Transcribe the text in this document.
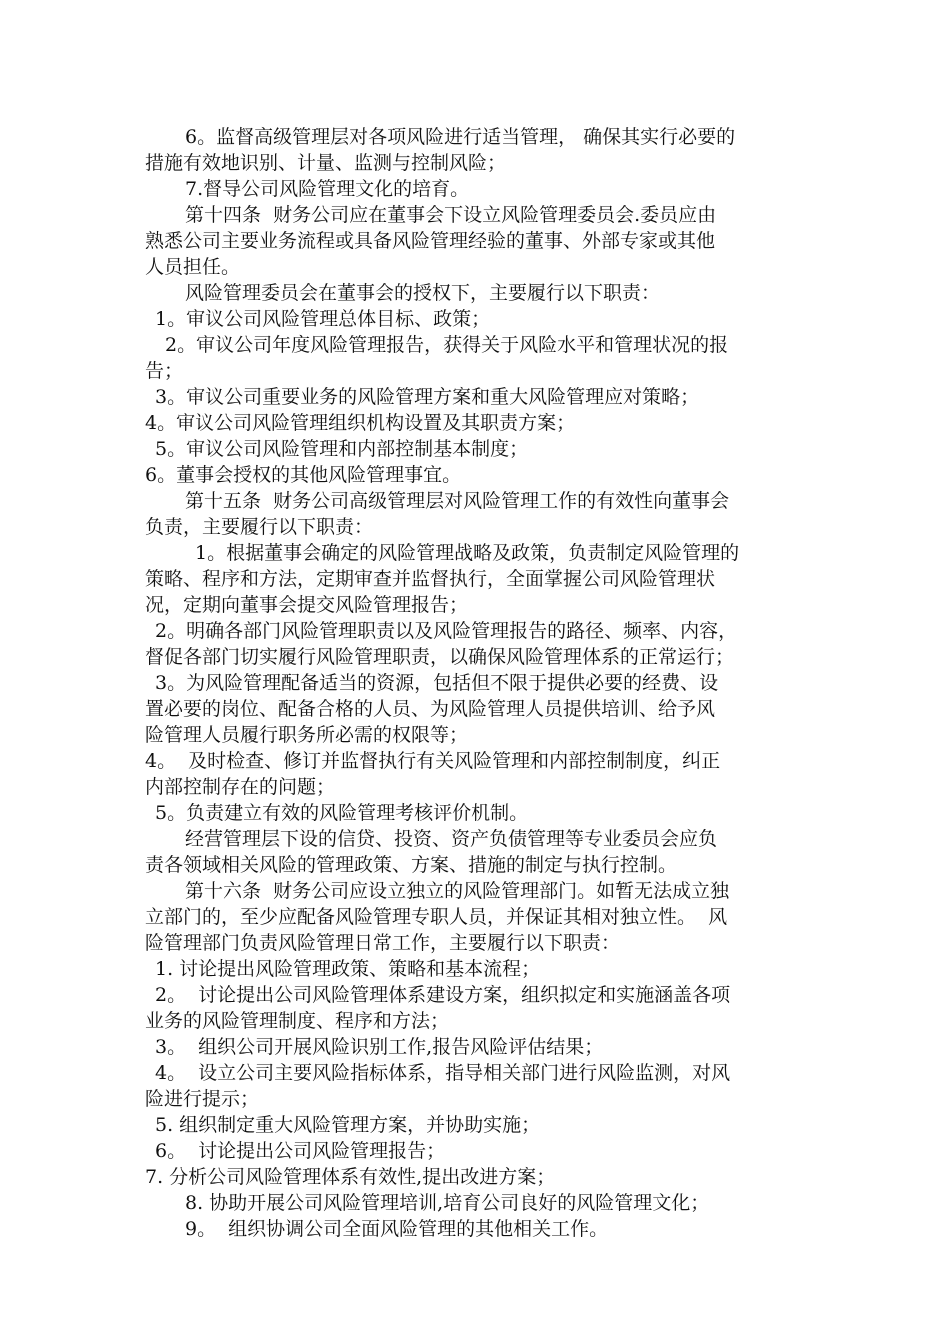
6。监督高级管理层对各项风险进行适当管理， 确保其实行必要的
措施有效地识别、计量、监测与控制风险；
7.督导公司风险管理文化的培育。
第十四条  财务公司应在董事会下设立风险管理委员会.委员应由
熟悉公司主要业务流程或具备风险管理经验的董事、外部专家或其他
人员担任。
风险管理委员会在董事会的授权下，主要履行以下职责：
1。审议公司风险管理总体目标、政策；
2。审议公司年度风险管理报告，获得关于风险水平和管理状况的报
告；
3。审议公司重要业务的风险管理方案和重大风险管理应对策略；
4。审议公司风险管理组织机构设置及其职责方案；
5。审议公司风险管理和内部控制基本制度；
6。董事会授权的其他风险管理事宜。
第十五条  财务公司高级管理层对风险管理工作的有效性向董事会
负责，主要履行以下职责：
1。根据董事会确定的风险管理战略及政策，负责制定风险管理的
策略、程序和方法，定期审查并监督执行，全面掌握公司风险管理状
况，定期向董事会提交风险管理报告；
2。明确各部门风险管理职责以及风险管理报告的路径、频率、内容，
督促各部门切实履行风险管理职责，以确保风险管理体系的正常运行；
3。为风险管理配备适当的资源，包括但不限于提供必要的经费、设
置必要的岗位、配备合格的人员、为风险管理人员提供培训、给予风
险管理人员履行职务所必需的权限等；
4。  及时检查、修订并监督执行有关风险管理和内部控制制度，纠正
内部控制存在的问题；
5。负责建立有效的风险管理考核评价机制。
经营管理层下设的信贷、投资、资产负债管理等专业委员会应负
责各领域相关风险的管理政策、方案、措施的制定与执行控制。
第十六条  财务公司应设立独立的风险管理部门。如暂无法成立独
立部门的，至少应配备风险管理专职人员，并保证其相对独立性。  风
险管理部门负责风险管理日常工作，主要履行以下职责：
1. 讨论提出风险管理政策、策略和基本流程；
2。  讨论提出公司风险管理体系建设方案，组织拟定和实施涵盖各项
业务的风险管理制度、程序和方法；
3。  组织公司开展风险识别工作,报告风险评估结果；
4。  设立公司主要风险指标体系，指导相关部门进行风险监测，对风
险进行提示；
5. 组织制定重大风险管理方案，并协助实施；
6。  讨论提出公司风险管理报告；
7. 分析公司风险管理体系有效性,提出改进方案；
8. 协助开展公司风险管理培训,培育公司良好的风险管理文化；
9。  组织协调公司全面风险管理的其他相关工作。
